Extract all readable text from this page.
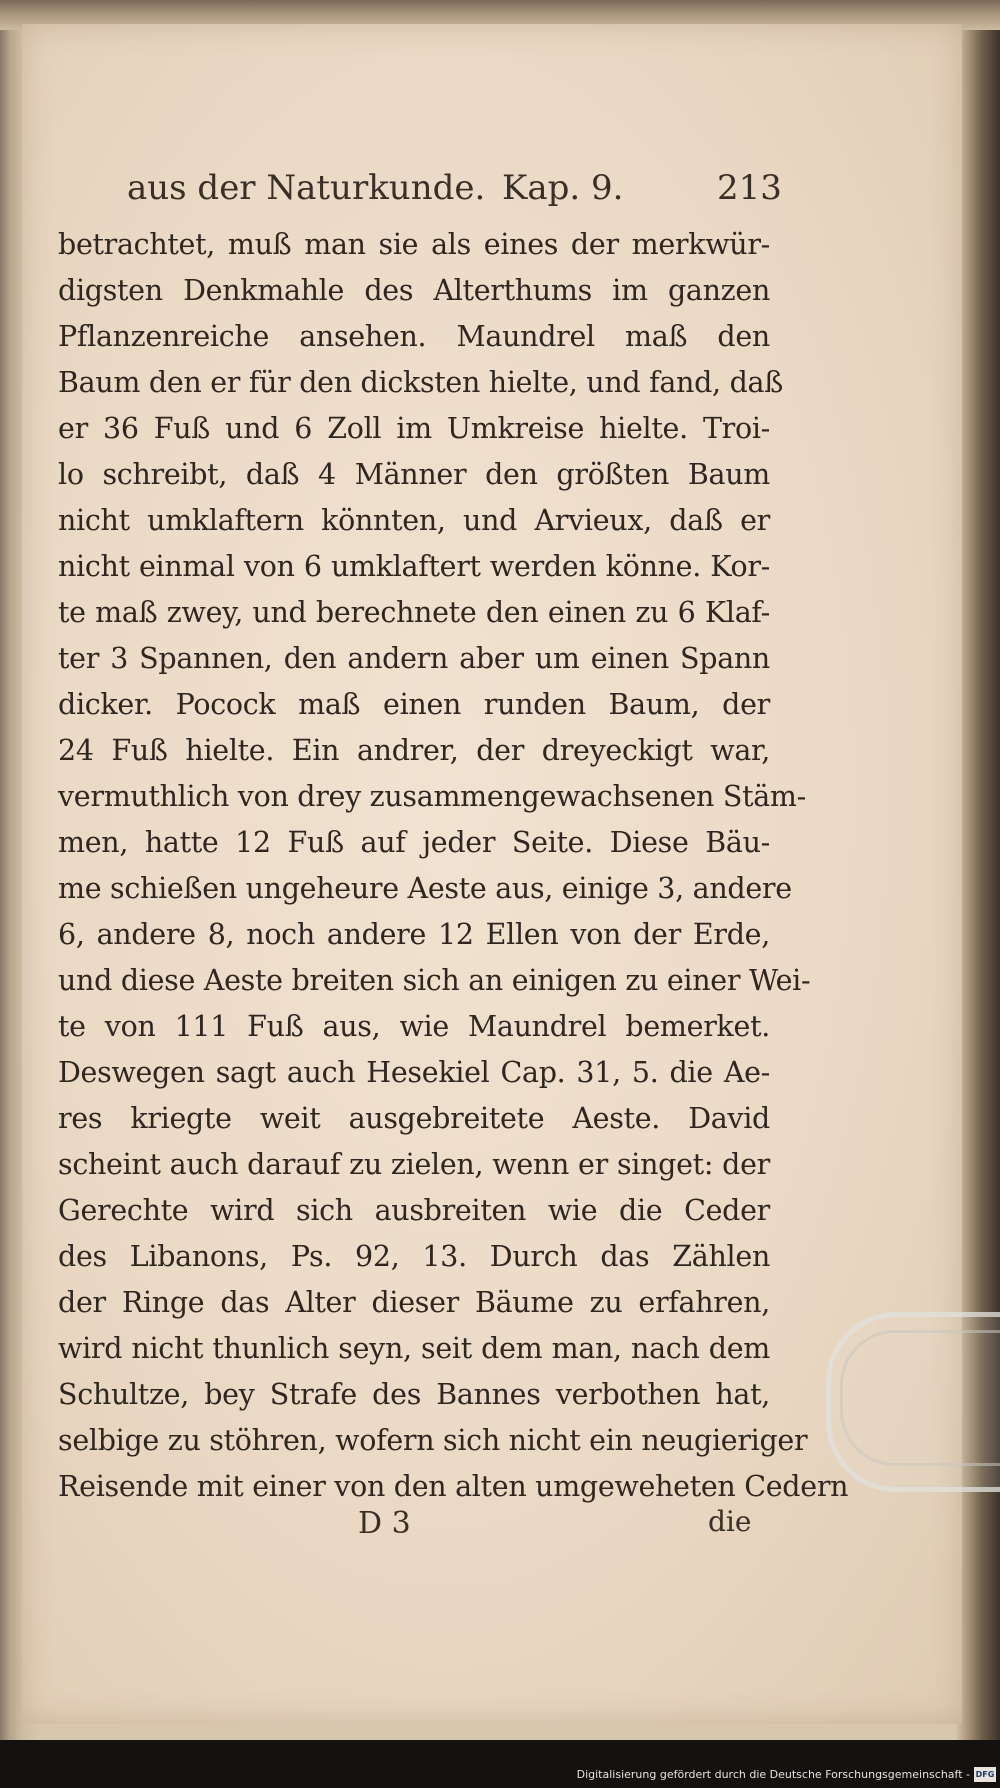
aus der Naturkunde. Kap. 9.	213
betrachtet, muß man sie als eines der merkwür-
digsten Denkmahle des Alterthums im ganzen
Pflanzenreiche ansehen. Maundrel maß den
Baum den er für den dicksten hielte, und fand, daß
er 36 Fuß und 6 Zoll im Umkreise hielte. Troi-
lo schreibt, daß 4 Männer den größten Baum
nicht umklaftern könnten, und Arvieux, daß er
nicht einmal von 6 umklaftert werden könne. Kor-
te maß zwey, und berechnete den einen zu 6 Klaf-
ter 3 Spannen, den andern aber um einen Spann
dicker. Pocock maß einen runden Baum, der
24 Fuß hielte. Ein andrer, der dreyeckigt war,
vermuthlich von drey zusammengewachsenen Stäm-
men, hatte 12 Fuß auf jeder Seite. Diese Bäu-
me schießen ungeheure Aeste aus, einige 3, andere
6, andere 8, noch andere 12 Ellen von der Erde,
und diese Aeste breiten sich an einigen zu einer Wei-
te von 111 Fuß aus, wie Maundrel bemerket.
Deswegen sagt auch Hesekiel Cap. 31, 5. die Ae-
res kriegte weit ausgebreitete Aeste. David
scheint auch darauf zu zielen, wenn er singet: der
Gerechte wird sich ausbreiten wie die Ceder
des Libanons, Ps. 92, 13. Durch das Zählen
der Ringe das Alter dieser Bäume zu erfahren,
wird nicht thunlich seyn, seit dem man, nach dem
Schultze, bey Strafe des Bannes verbothen hat,
selbige zu stöhren, wofern sich nicht ein neugieriger
Reisende mit einer von den alten umgeweheten Cedern
D 3	die
Digitalisierung gefördert durch die Deutsche Forschungsgemeinschaft - DFG
